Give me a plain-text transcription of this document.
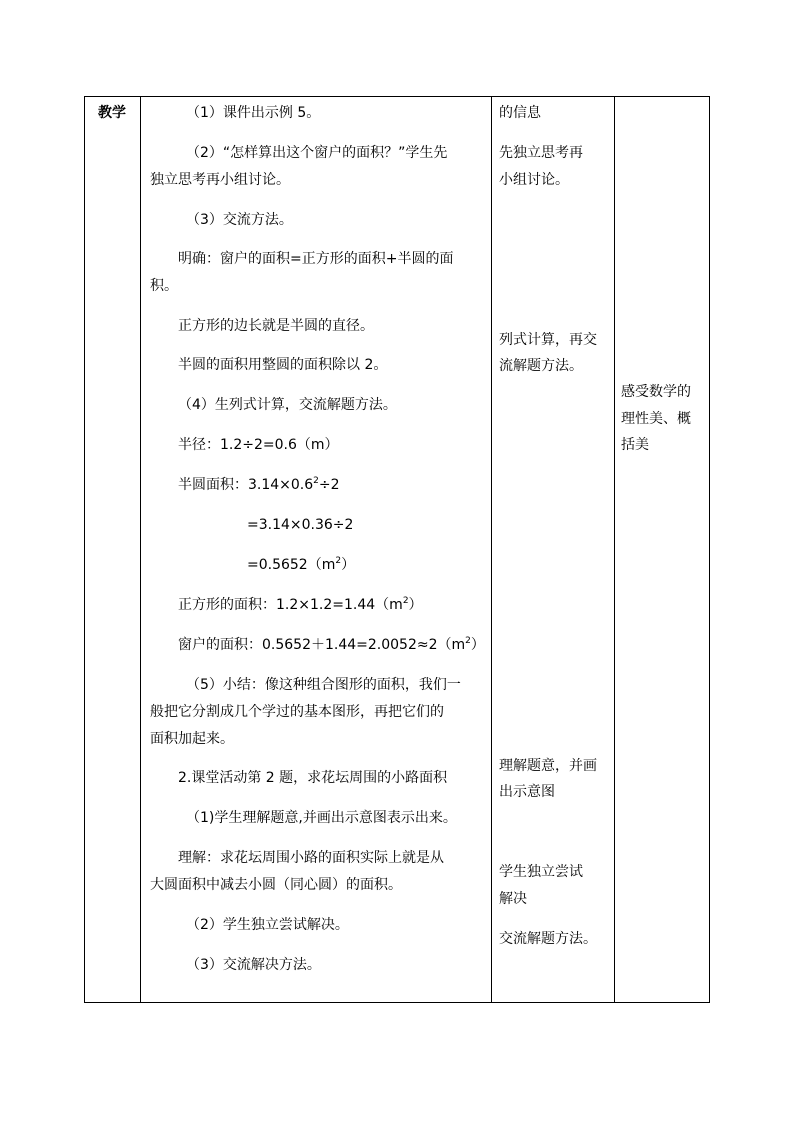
教学	（1）课件出示例 5。
（2）“怎样算出这个窗户的面积？”学生先
独立思考再小组讨论。
（3）交流方法。
明确：窗户的面积=正方形的面积+半圆的面
积。
正方形的边长就是半圆的直径。
半圆的面积用整圆的面积除以 2。
（4）生列式计算，交流解题方法。
半径：1.2÷2=0.6（m）
半圆面积：$3.14\times 0.6^2\div 2$
=3.14×0.36÷2
$=0.5652(m^2)$
正方形的面积：$1.2\times 1.2=1.44(m^2)$
窗户的面积：$0.5652+1.44=2.0052\approx 2(m^2)$
（5）小结：像这种组合图形的面积，我们一
般把它分割成几个学过的基本图形，再把它们的
面积加起来。
2.课堂活动第 2 题，求花坛周围的小路面积
（1)学生理解题意,并画出示意图表示出来。
理解：求花坛周围小路的面积实际上就是从
大圆面积中减去小圆（同心圆）的面积。
（2）学生独立尝试解决。
（3）交流解决方法。
的信息
先独立思考再
小组讨论。
列式计算，再交
流解题方法。
理解题意，并画
出示意图
学生独立尝试
解决
交流解题方法。
感受数学的
理性美、概
括美
